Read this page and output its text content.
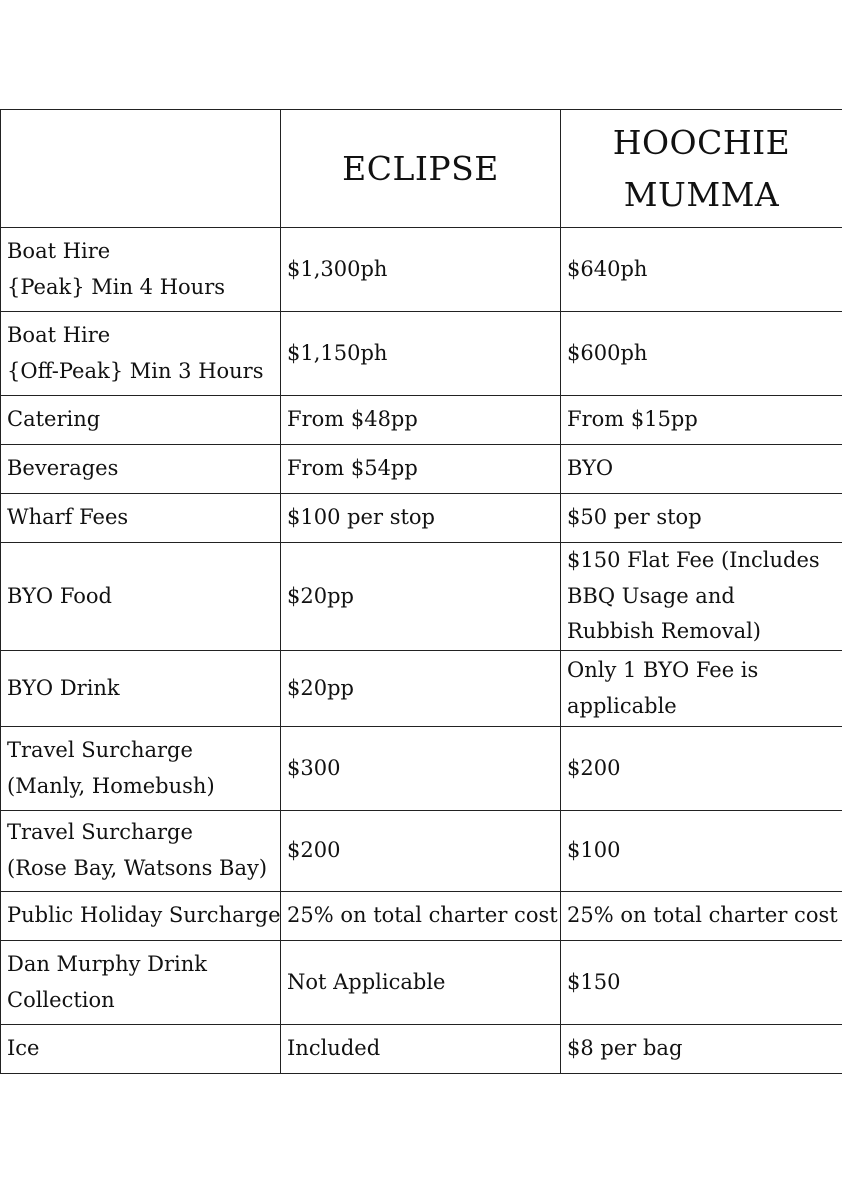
	ECLIPSE	HOOCHIE
MUMMA

Boat Hire
{Peak} Min 4 Hours	$1,300ph	$640ph

Boat Hire
{Off-Peak} Min 3 Hours	$1,150ph	$600ph
Catering	From $48pp	From $15pp
Beverages	From $54pp	BYO
Wharf Fees	$100 per stop	$50 per stop
BYO Food	$20pp	$150 Flat Fee (Includes
BBQ Usage and
Rubbish Removal)

BYO Drink	$20pp	Only 1 BYO Fee is
applicable

Travel Surcharge
(Manly, Homebush)	$300	$200

Travel Surcharge
(Rose Bay, Watsons Bay)	$200	$100
Public Holiday Surcharge	25% on total charter cost	25% on total charter cost

Dan Murphy Drink
Collection	Not Applicable	$150
Ice	Included	$8 per bag
